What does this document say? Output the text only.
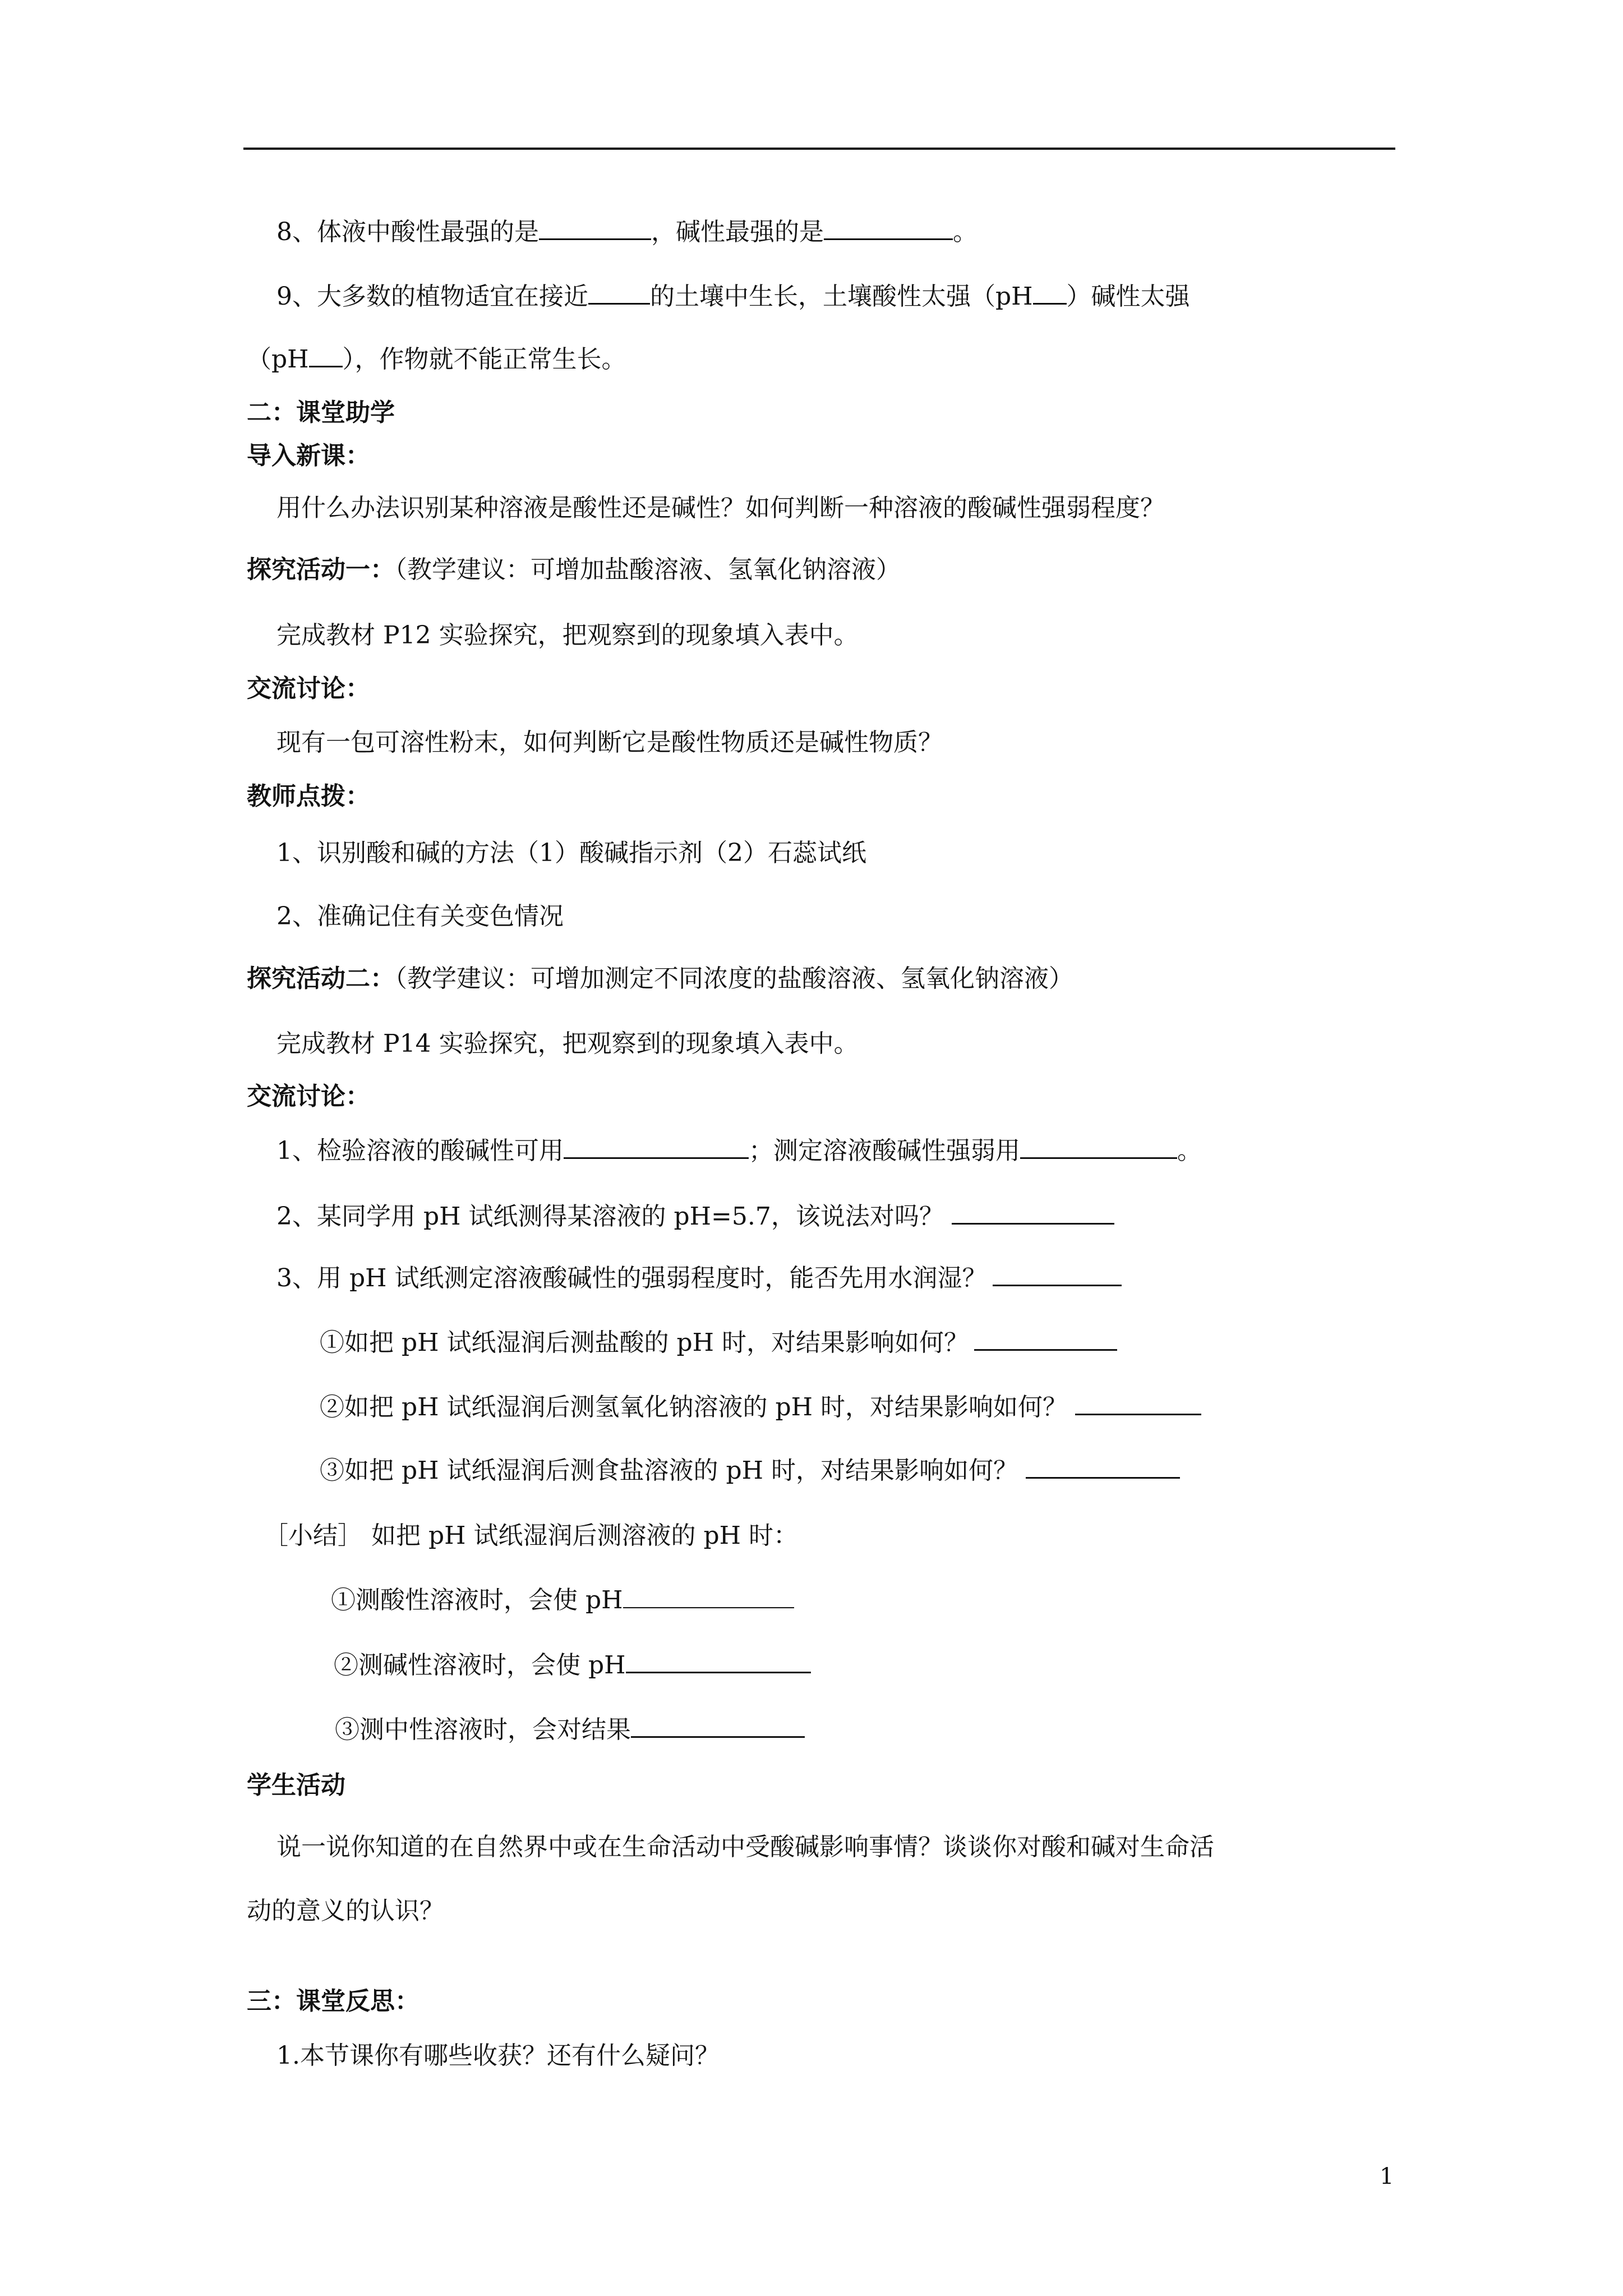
8、体液中酸性最强的是	，碱性最强的是	。
9、大多数的植物适宜在接近	的土壤中生长，土壤酸性太强（pH ）碱性太强
（pH ），作物就不能正常生长。
二：课堂助学
导入新课：
用什么办法识别某种溶液是酸性还是碱性？如何判断一种溶液的酸碱性强弱程度？
探究活动一：（教学建议：可增加盐酸溶液、氢氧化钠溶液）
完成教材 P12 实验探究，把观察到的现象填入表中。
交流讨论：
现有一包可溶性粉末，如何判断它是酸性物质还是碱性物质？
教师点拨：
1、识别酸和碱的方法（1）酸碱指示剂（2）石蕊试纸
2、准确记住有关变色情况
探究活动二：（教学建议：可增加测定不同浓度的盐酸溶液、氢氧化钠溶液）
完成教材 P14 实验探究，把观察到的现象填入表中。
交流讨论：
1、检验溶液的酸碱性可用	；测定溶液酸碱性强弱用	。
2、某同学用 pH 试纸测得某溶液的 pH=5.7，该说法对吗？
3、用 pH 试纸测定溶液酸碱性的强弱程度时，能否先用水润湿？
①如把 pH 试纸湿润后测盐酸的 pH 时，对结果影响如何？
②如把 pH 试纸湿润后测氢氧化钠溶液的 pH 时，对结果影响如何？
③如把 pH 试纸湿润后测食盐溶液的 pH 时，对结果影响如何？
［小结］ 如把 pH 试纸湿润后测溶液的 pH 时：
①测酸性溶液时，会使 pH
②测碱性溶液时，会使 pH
③测中性溶液时，会对结果
学生活动
说一说你知道的在自然界中或在生命活动中受酸碱影响事情？谈谈你对酸和碱对生命活
动的意义的认识？
三：课堂反思：
1.本节课你有哪些收获？还有什么疑问？
1
